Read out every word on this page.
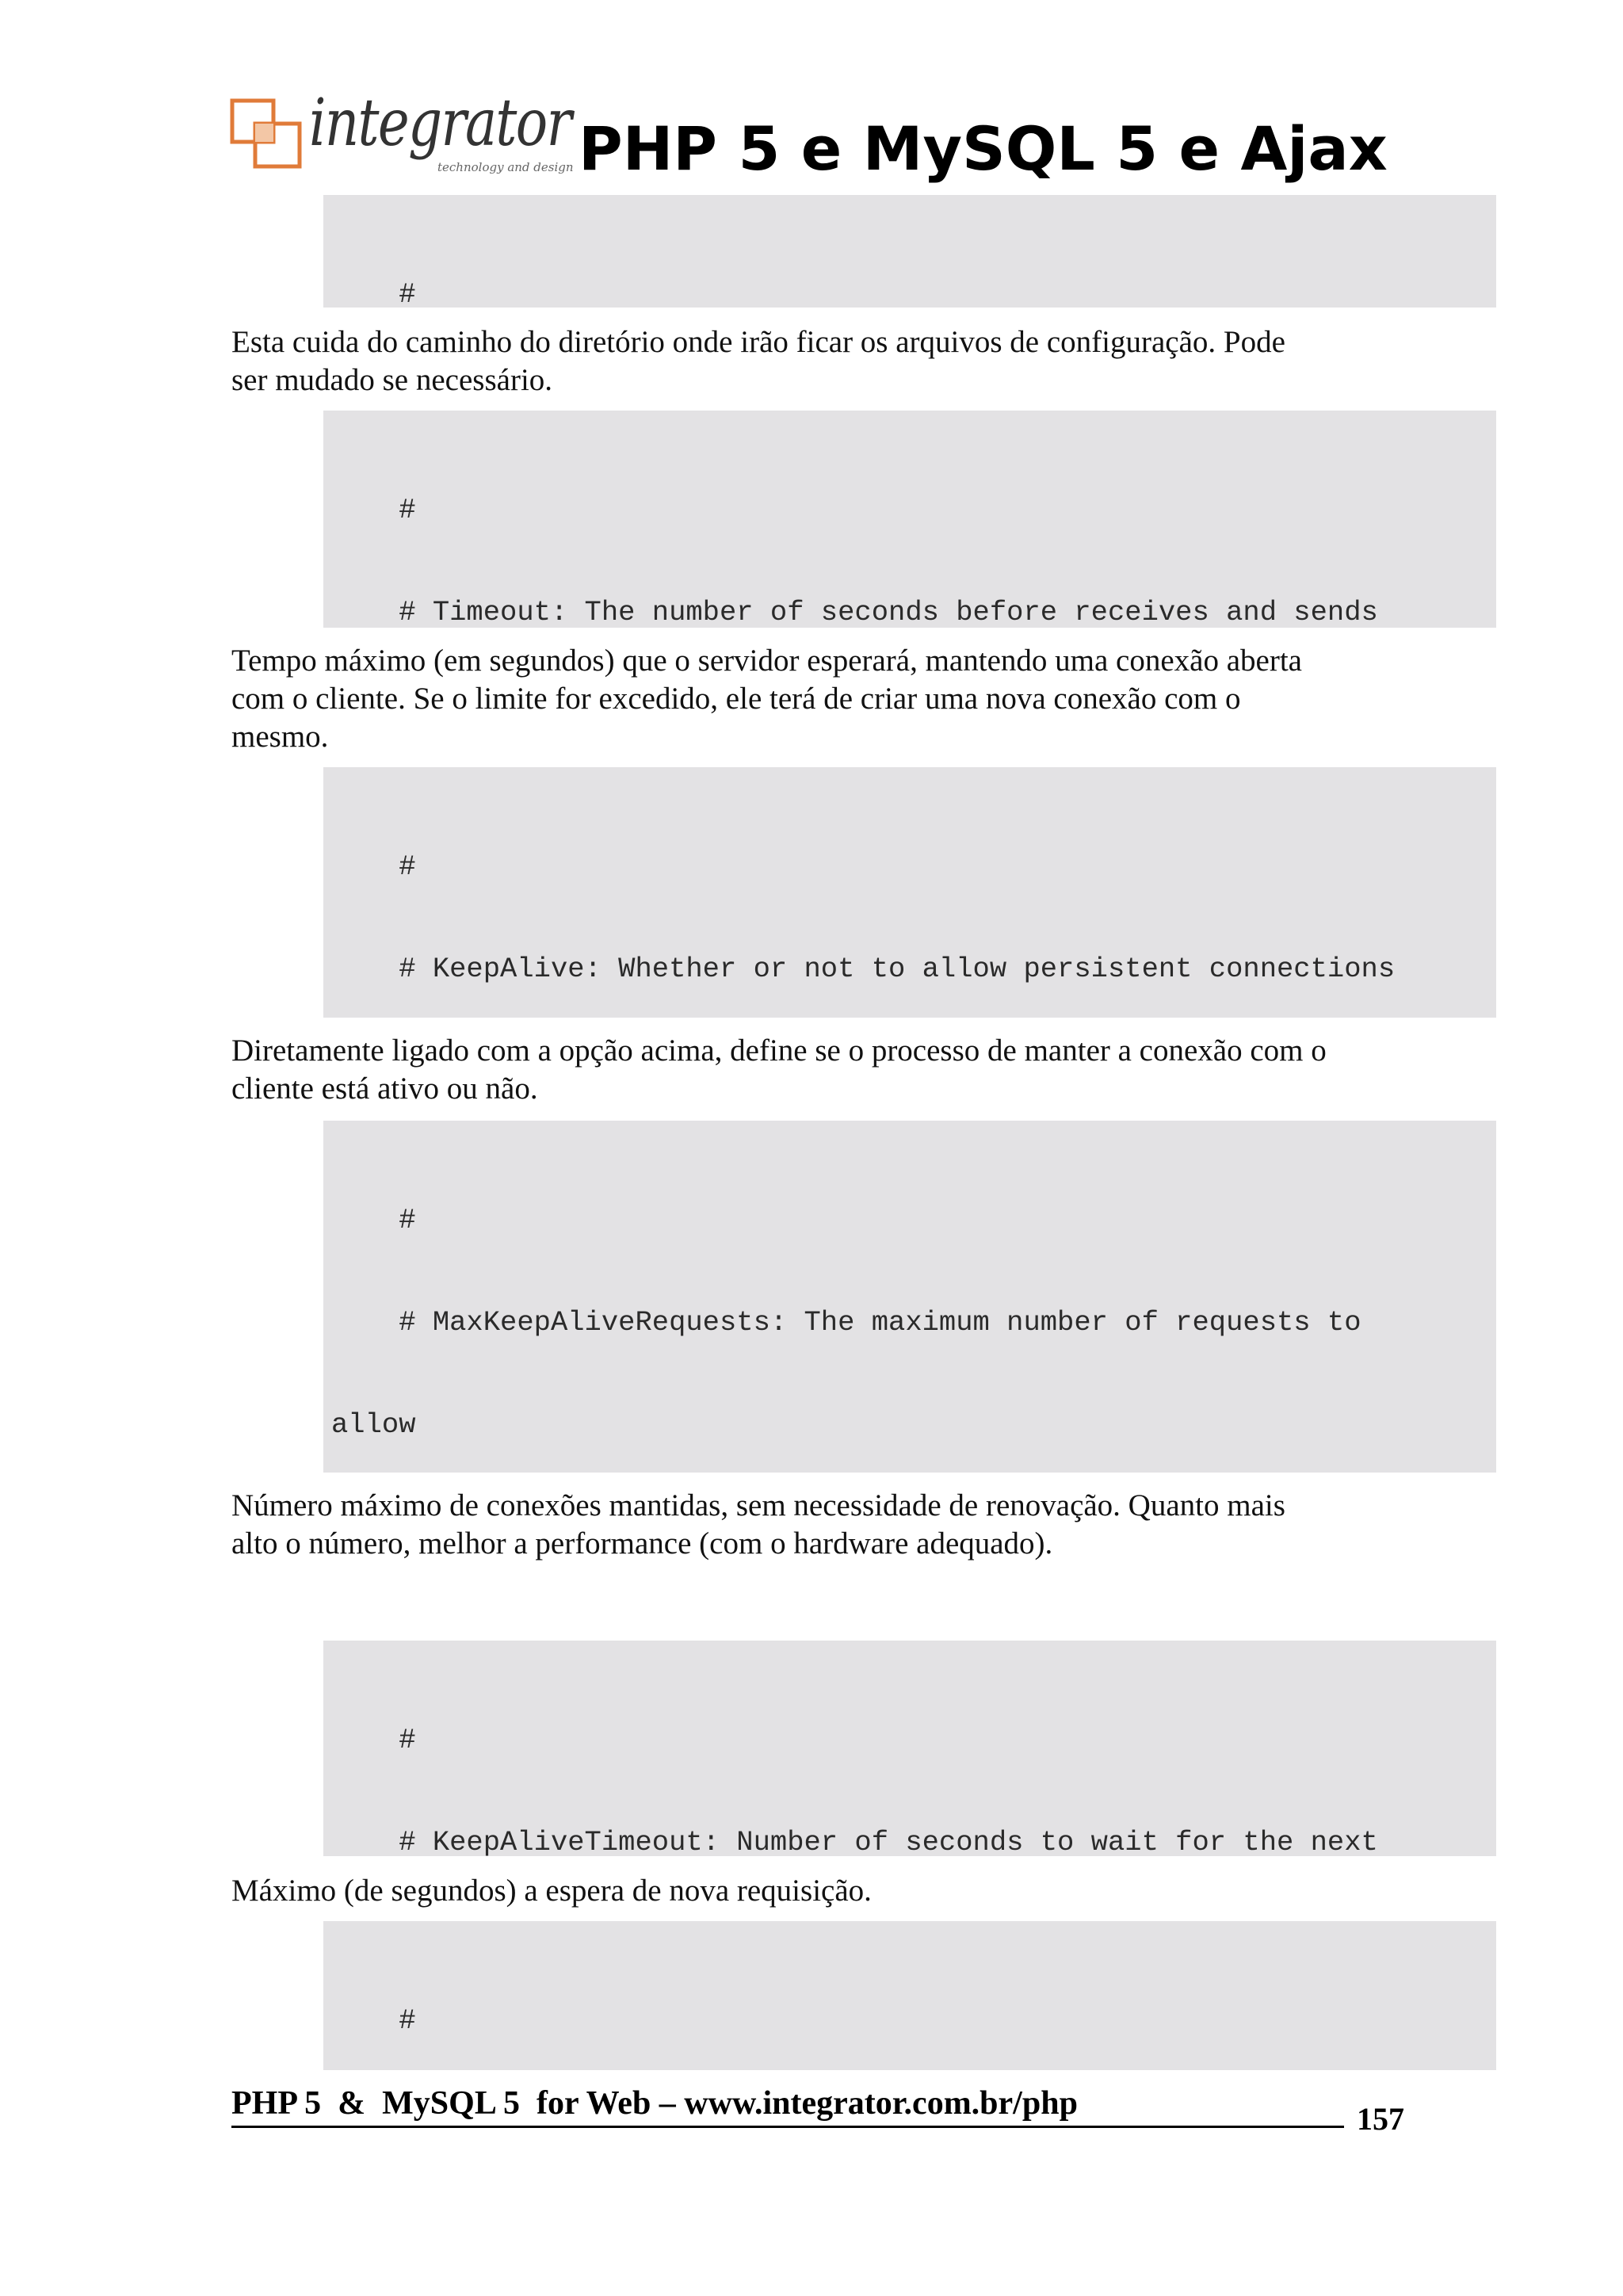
integrator
technology and design PHP 5 e MySQL 5 e Ajax

#

Esta cuida do caminho do diretório onde irão ficar os arquivos de configuração. Pode
ser mudado se necessário.

#

# Timeout: The number of seconds before receives and sends

Tempo máximo (em segundos) que o servidor esperará, mantendo uma conexão aberta
com o cliente. Se o limite for excedido, ele terá de criar uma nova conexão com o
mesmo.

#

# KeepAlive: Whether or not to allow persistent connections

Diretamente ligado com a opção acima, define se o processo de manter a conexão com o
cliente está ativo ou não.

#

# MaxKeepAliveRequests: The maximum number of requests to

allow

Número máximo de conexões mantidas, sem necessidade de renovação. Quanto mais
alto o número, melhor a performance (com o hardware adequado).

#

# KeepAliveTimeout: Number of seconds to wait for the next

Máximo (de segundos) a espera de nova requisição.

#

PHP 5  &  MySQL 5  for Web – www.integrator.com.br/php	157
